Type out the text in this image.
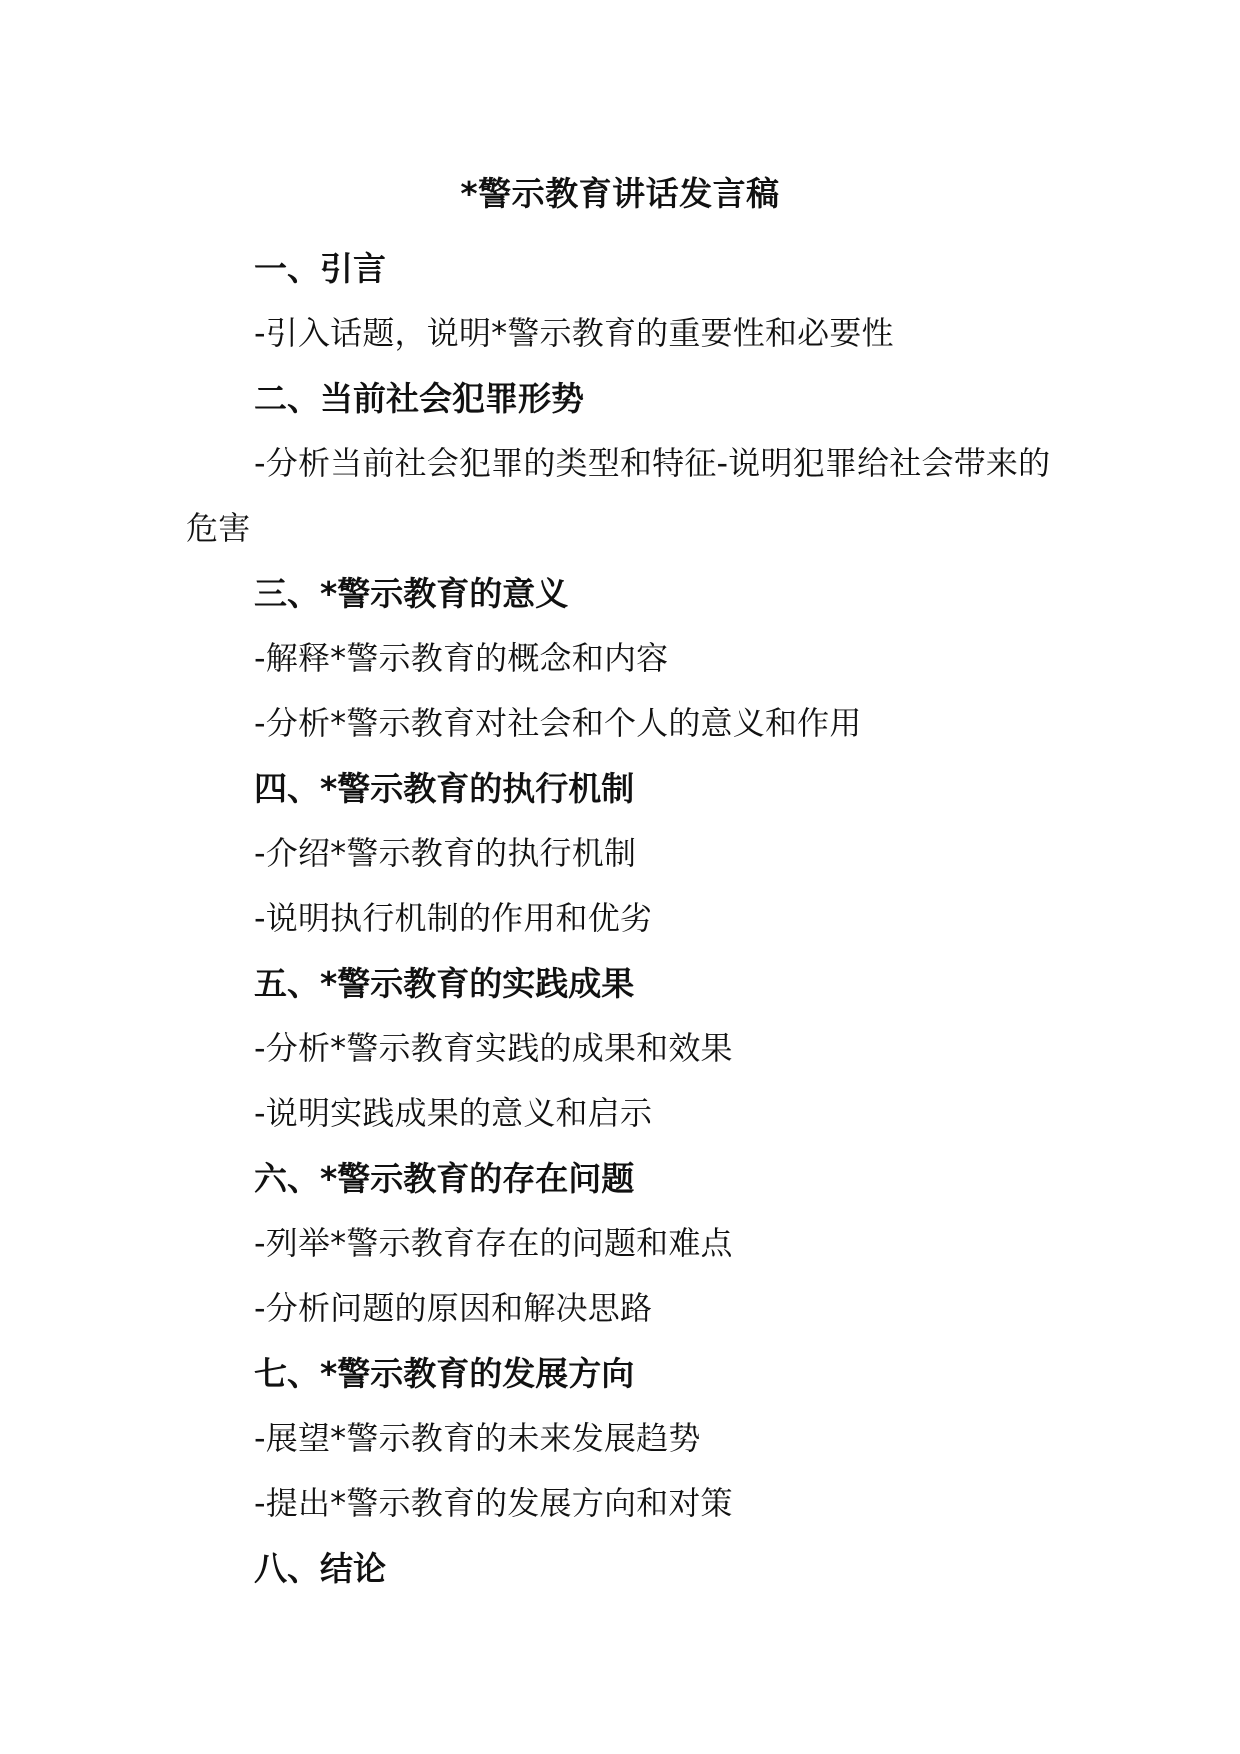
*警示教育讲话发言稿
一、引言
-引入话题，说明*警示教育的重要性和必要性
二、当前社会犯罪形势
-分析当前社会犯罪的类型和特征-说明犯罪给社会带来的危害
三、*警示教育的意义
-解释*警示教育的概念和内容
-分析*警示教育对社会和个人的意义和作用
四、*警示教育的执行机制
-介绍*警示教育的执行机制
-说明执行机制的作用和优劣
五、*警示教育的实践成果
-分析*警示教育实践的成果和效果
-说明实践成果的意义和启示
六、*警示教育的存在问题
-列举*警示教育存在的问题和难点
-分析问题的原因和解决思路
七、*警示教育的发展方向
-展望*警示教育的未来发展趋势
-提出*警示教育的发展方向和对策
八、结论
